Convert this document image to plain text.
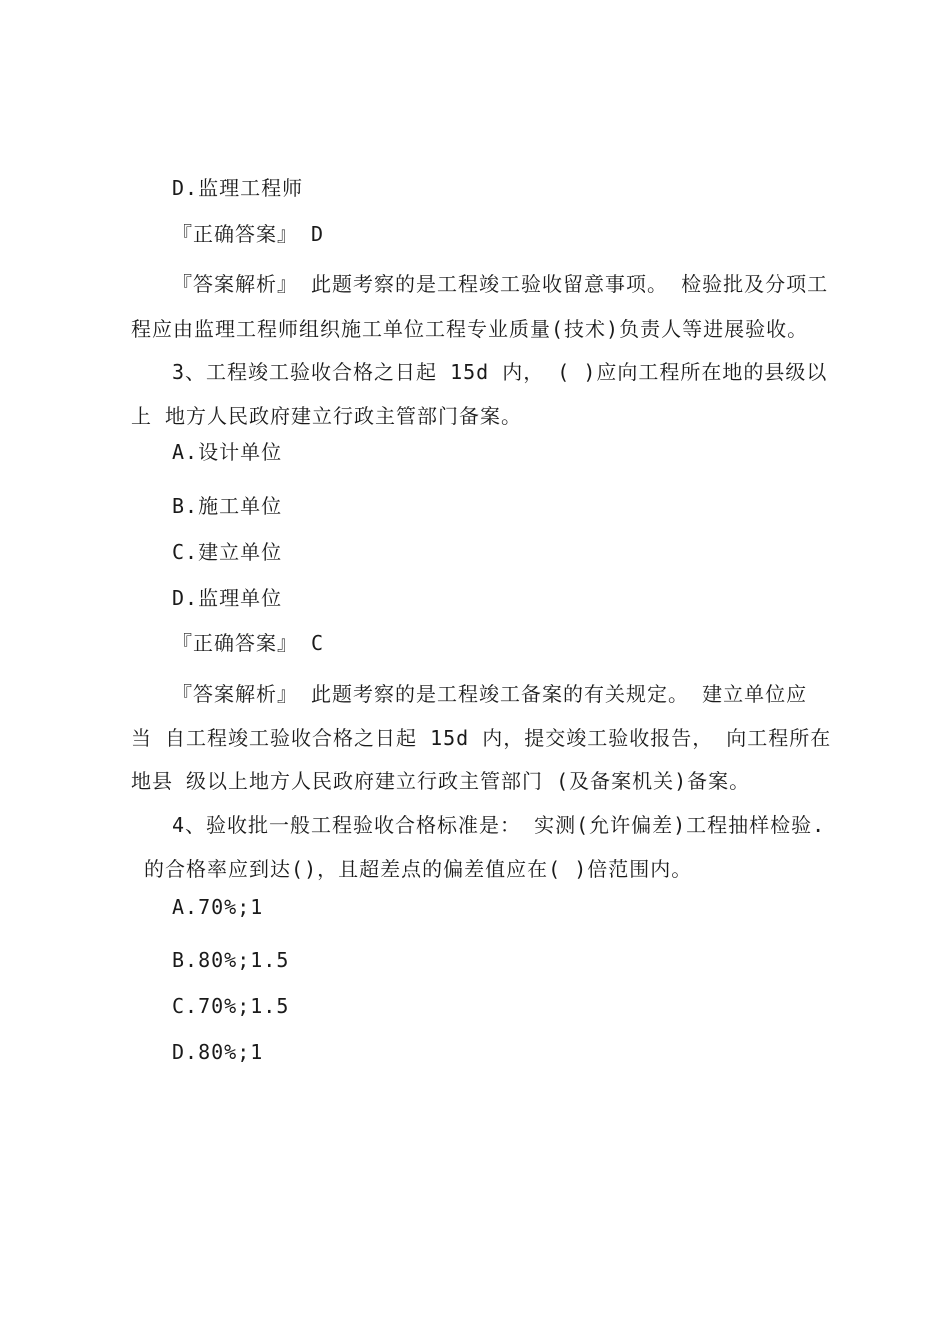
D.监理工程师
『正确答案』 D
『答案解析』 此题考察的是工程竣工验收留意事项。 检验批及分项工
程应由监理工程师组织施工单位工程专业质量(技术)负责人等进展验收。
3、工程竣工验收合格之日起 15d 内， ( )应向工程所在地的县级以
上 地方人民政府建立行政主管部门备案。
A.设计单位
B.施工单位
C.建立单位
D.监理单位
『正确答案』 C
『答案解析』 此题考察的是工程竣工备案的有关规定。 建立单位应
当 自工程竣工验收合格之日起 15d 内，提交竣工验收报告， 向工程所在
地县 级以上地方人民政府建立行政主管部门 (及备案机关)备案。
4、验收批一般工程验收合格标准是： 实测(允许偏差)工程抽样检验.
的合格率应到达()，且超差点的偏差值应在( )倍范围内。
A.70%;1
B.80%;1.5
C.70%;1.5
D.80%;1
